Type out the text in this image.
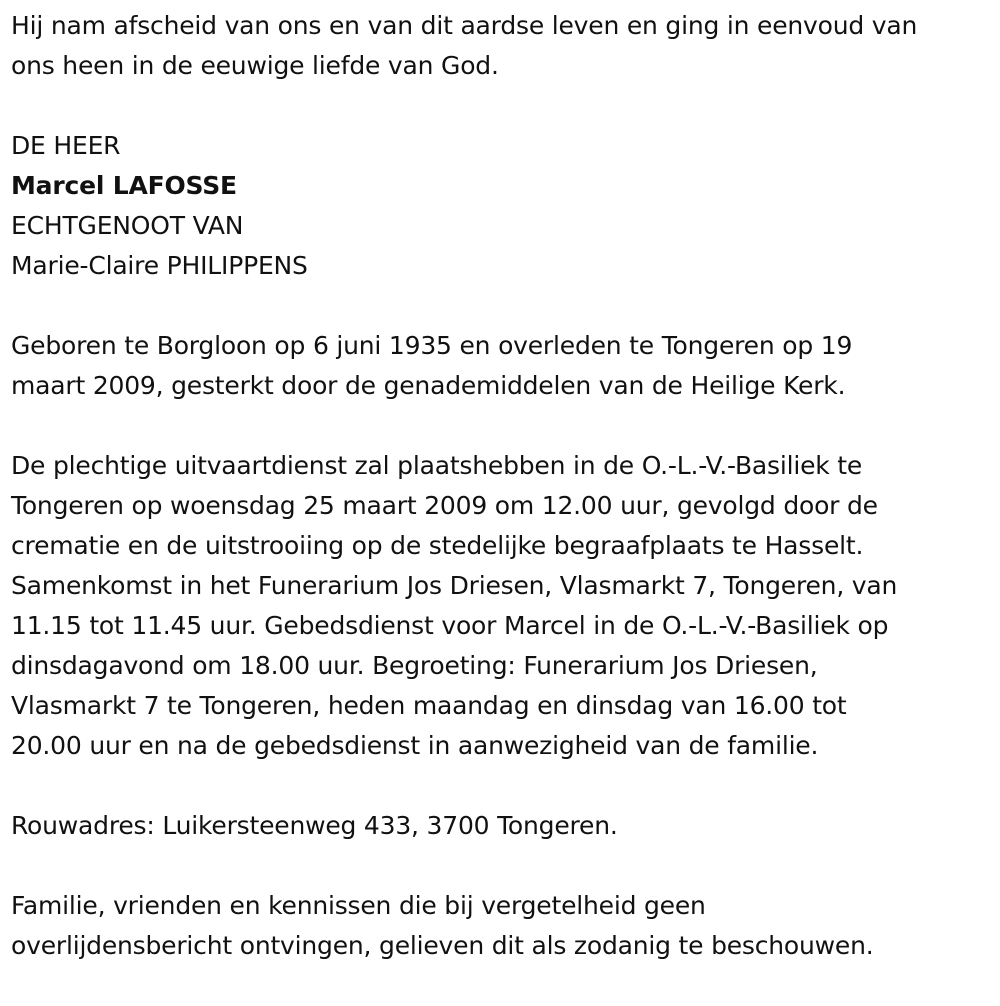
Hij nam afscheid van ons en van dit aardse leven en ging in eenvoud van

ons heen in de eeuwige liefde van God.

DE HEER

Marcel LAFOSSE

ECHTGENOOT VAN

Marie-Claire PHILIPPENS

Geboren te Borgloon op 6 juni 1935 en overleden te Tongeren op 19

maart 2009, gesterkt door de genademiddelen van de Heilige Kerk.

De plechtige uitvaartdienst zal plaatshebben in de O.-L.-V.-Basiliek te

Tongeren op woensdag 25 maart 2009 om 12.00 uur, gevolgd door de

crematie en de uitstrooiing op de stedelijke begraafplaats te Hasselt.

Samenkomst in het Funerarium Jos Driesen, Vlasmarkt 7, Tongeren, van

11.15 tot 11.45 uur. Gebedsdienst voor Marcel in de O.-L.-V.-Basiliek op

dinsdagavond om 18.00 uur. Begroeting: Funerarium Jos Driesen,

Vlasmarkt 7 te Tongeren, heden maandag en dinsdag van 16.00 tot

20.00 uur en na de gebedsdienst in aanwezigheid van de familie.

Rouwadres: Luikersteenweg 433, 3700 Tongeren.

Familie, vrienden en kennissen die bij vergetelheid geen

overlijdensbericht ontvingen, gelieven dit als zodanig te beschouwen.
